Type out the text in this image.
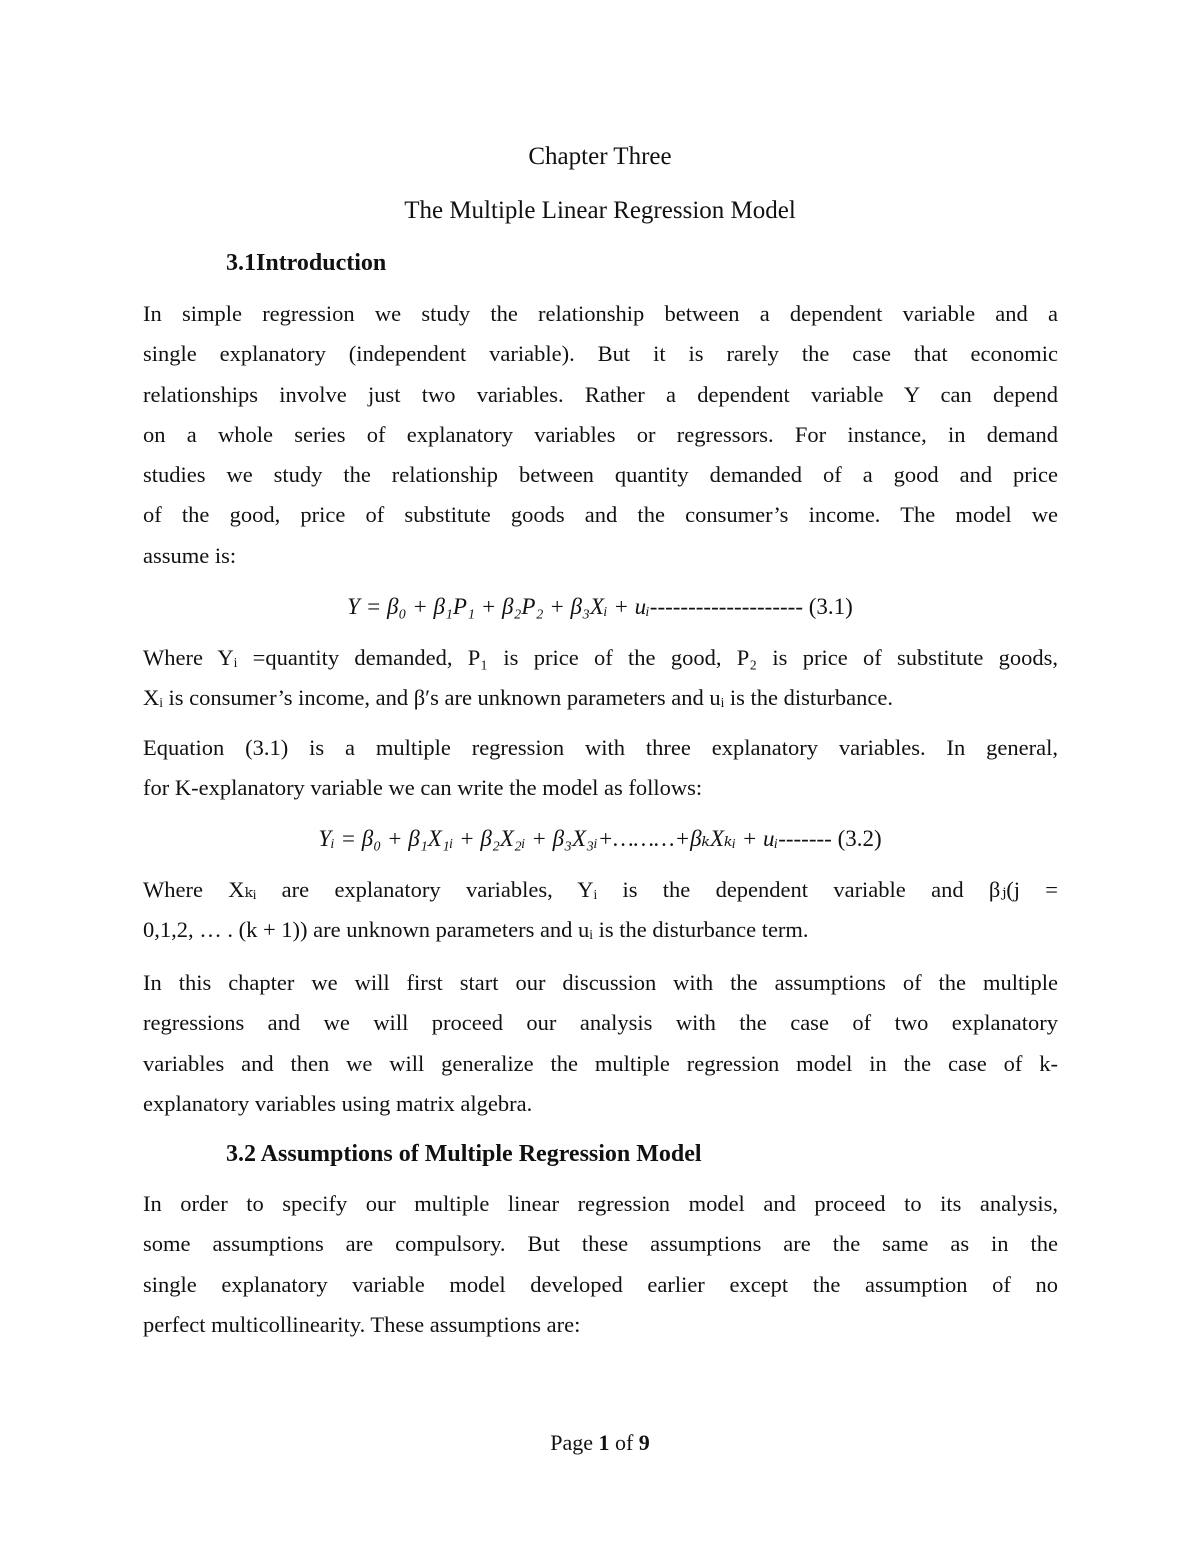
Chapter Three
The Multiple Linear Regression Model
3.1Introduction
In simple regression we study the relationship between a dependent variable and a
single explanatory (independent variable). But it is rarely the case that economic
relationships involve just two variables. Rather a dependent variable Y can depend
on a whole series of explanatory variables or regressors. For instance, in demand
studies we study the relationship between quantity demanded of a good and price
of the good, price of substitute goods and the consumer’s income. The model we
assume is:
Y = β₀ + β₁P₁ + β₂P₂ + β₃Xᵢ + uᵢ-------------------- (3.1)
Where Yᵢ =quantity demanded, P₁ is price of the good, P₂ is price of substitute goods,
Xᵢ is consumer’s income, and β′s are unknown parameters and uᵢ is the disturbance.
Equation (3.1) is a multiple regression with three explanatory variables. In general,
for K-explanatory variable we can write the model as follows:
Yᵢ = β₀ + β₁X₁ᵢ + β₂X₂ᵢ + β₃X₃ᵢ+………+βₖXₖᵢ + uᵢ------- (3.2)
Where Xₖᵢ are explanatory variables, Yᵢ is the dependent variable and βⱼ(j =
0,1,2, … . (k + 1)) are unknown parameters and uᵢ is the disturbance term.
In this chapter we will first start our discussion with the assumptions of the multiple
regressions and we will proceed our analysis with the case of two explanatory
variables and then we will generalize the multiple regression model in the case of k-
explanatory variables using matrix algebra.
3.2 Assumptions of Multiple Regression Model
In order to specify our multiple linear regression model and proceed to its analysis,
some assumptions are compulsory. But these assumptions are the same as in the
single explanatory variable model developed earlier except the assumption of no
perfect multicollinearity. These assumptions are:
Page 1 of 9
